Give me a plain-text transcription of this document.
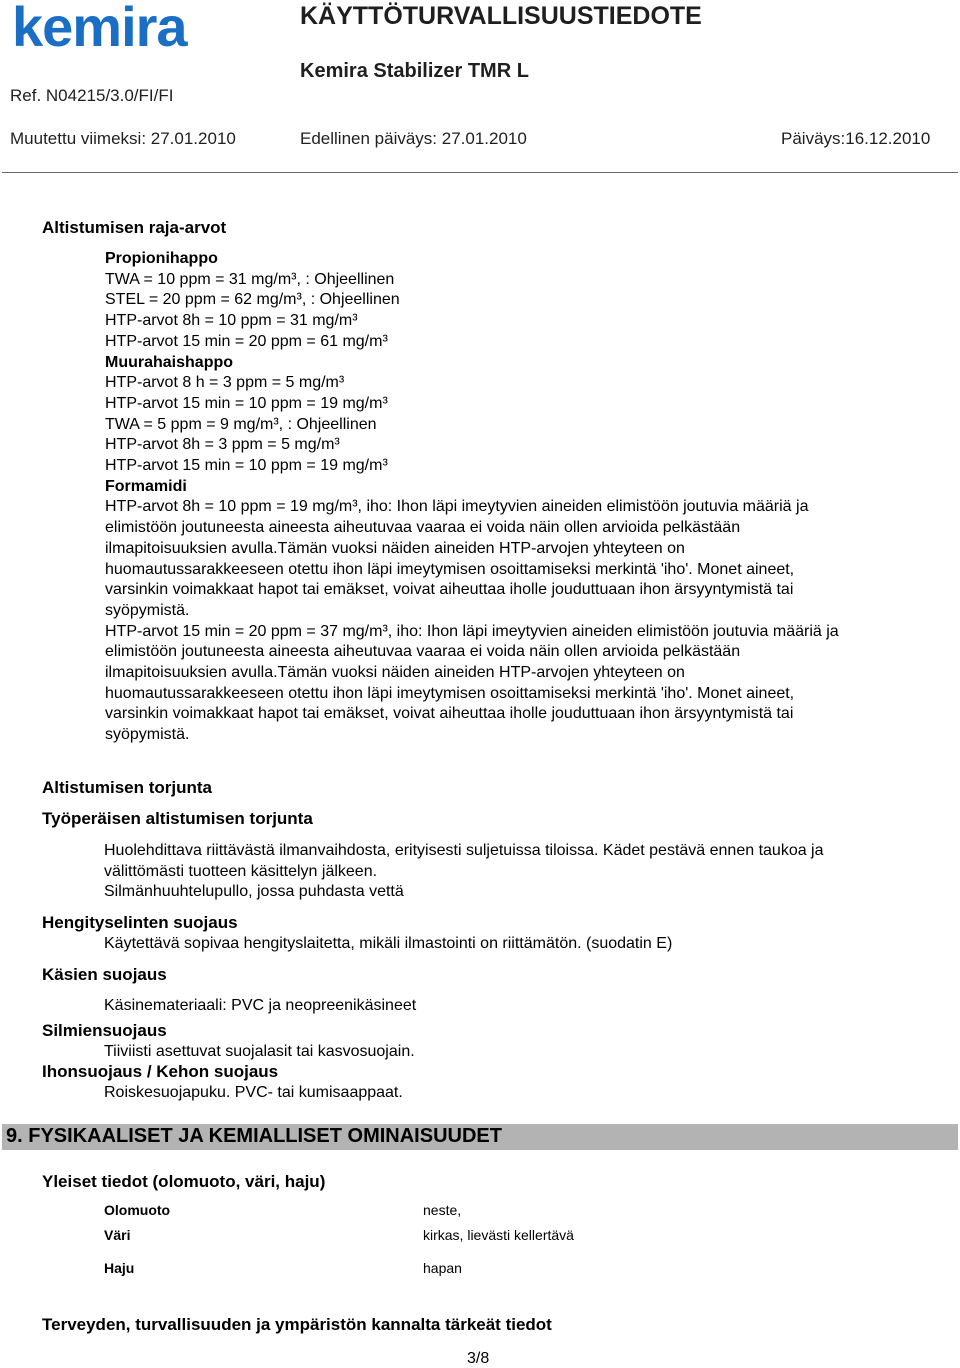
kemira	KÄYTTÖTURVALLISUUSTIEDOTE
Kemira Stabilizer TMR L
Ref. N04215/3.0/FI/FI
Muutettu viimeksi: 27.01.2010	Edellinen päiväys: 27.01.2010	Päiväys:16.12.2010
Altistumisen raja-arvot
Propionihappo
TWA = 10 ppm = 31 mg/m³, : Ohjeellinen
STEL = 20 ppm = 62 mg/m³, : Ohjeellinen
HTP-arvot 8h = 10 ppm = 31 mg/m³
HTP-arvot 15 min = 20 ppm = 61 mg/m³
Muurahaishappo
HTP-arvot 8 h = 3 ppm = 5 mg/m³
HTP-arvot 15 min = 10 ppm = 19 mg/m³
TWA = 5 ppm = 9 mg/m³, : Ohjeellinen
HTP-arvot 8h = 3 ppm = 5 mg/m³
HTP-arvot 15 min = 10 ppm = 19 mg/m³
Formamidi
HTP-arvot 8h = 10 ppm = 19 mg/m³, iho: Ihon läpi imeytyvien aineiden elimistöön joutuvia määriä ja
elimistöön joutuneesta aineesta aiheutuvaa vaaraa ei voida näin ollen arvioida pelkästään
ilmapitoisuuksien avulla.Tämän vuoksi näiden aineiden HTP-arvojen yhteyteen on
huomautussarakkeeseen otettu ihon läpi imeytymisen osoittamiseksi merkintä 'iho'. Monet aineet,
varsinkin voimakkaat hapot tai emäkset, voivat aiheuttaa iholle jouduttuaan ihon ärsyyntymistä tai
syöpymistä.
HTP-arvot 15 min = 20 ppm = 37 mg/m³, iho: Ihon läpi imeytyvien aineiden elimistöön joutuvia määriä ja
elimistöön joutuneesta aineesta aiheutuvaa vaaraa ei voida näin ollen arvioida pelkästään
ilmapitoisuuksien avulla.Tämän vuoksi näiden aineiden HTP-arvojen yhteyteen on
huomautussarakkeeseen otettu ihon läpi imeytymisen osoittamiseksi merkintä 'iho'. Monet aineet,
varsinkin voimakkaat hapot tai emäkset, voivat aiheuttaa iholle jouduttuaan ihon ärsyyntymistä tai
syöpymistä.
Altistumisen torjunta
Työperäisen altistumisen torjunta
Huolehdittava riittävästä ilmanvaihdosta, erityisesti suljetuissa tiloissa. Kädet pestävä ennen taukoa ja
välittömästi tuotteen käsittelyn jälkeen.
Silmänhuuhtelupullo, jossa puhdasta vettä
Hengityselinten suojaus
Käytettävä sopivaa hengityslaitetta, mikäli ilmastointi on riittämätön. (suodatin E)
Käsien suojaus
Käsinemateriaali: PVC ja neopreenikäsineet
Silmiensuojaus
Tiiviisti asettuvat suojalasit tai kasvosuojain.
Ihonsuojaus / Kehon suojaus
Roiskesuojapuku. PVC- tai kumisaappaat.
9. FYSIKAALISET JA KEMIALLISET OMINAISUUDET
Yleiset tiedot (olomuoto, väri, haju)
Olomuoto	neste,
Väri	kirkas, lievästi kellertävä
Haju	hapan
Terveyden, turvallisuuden ja ympäristön kannalta tärkeät tiedot
3/8
